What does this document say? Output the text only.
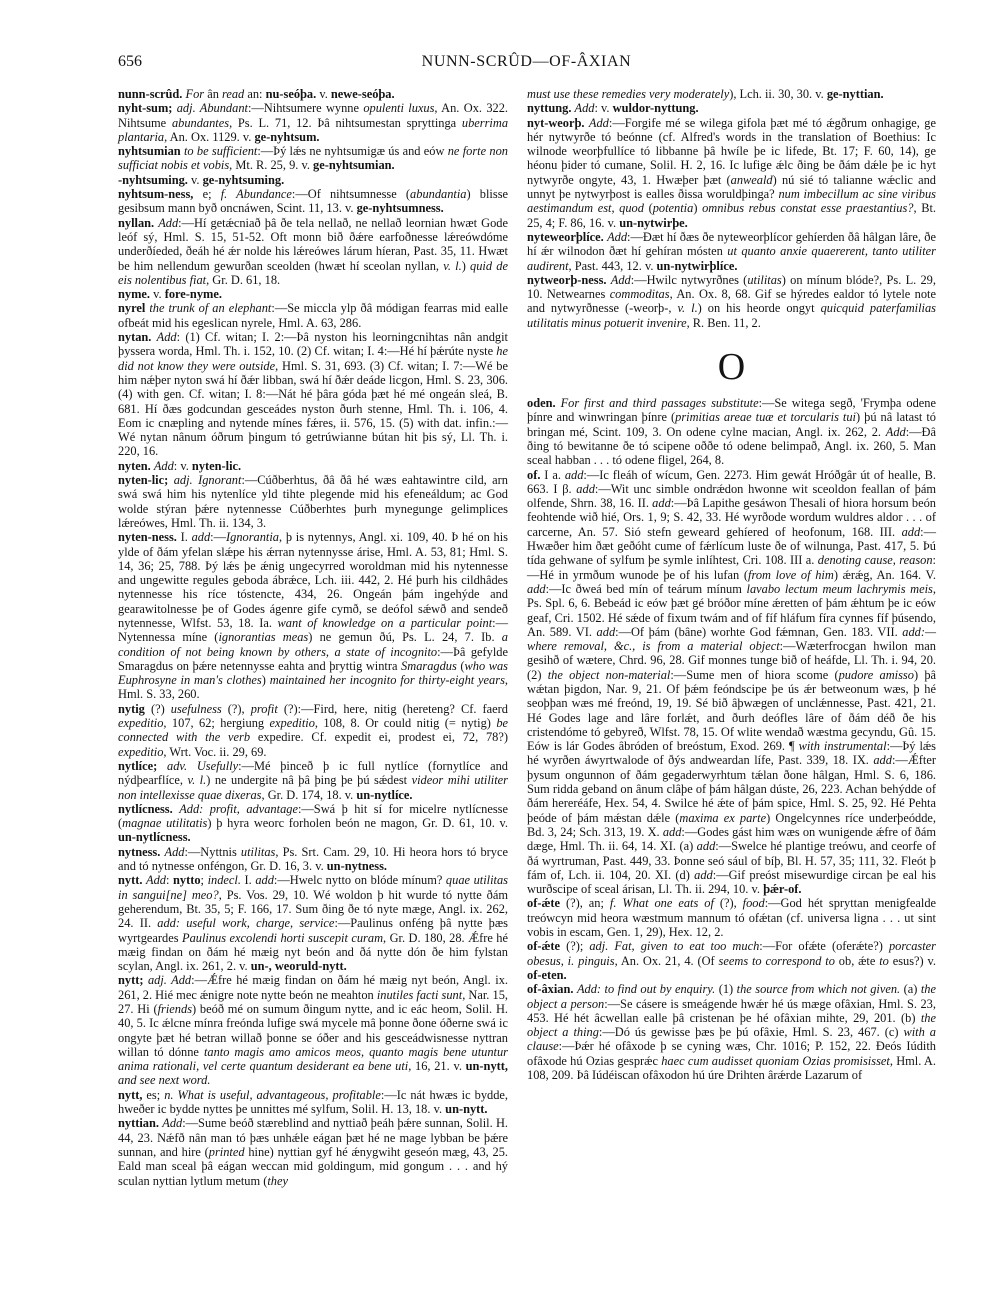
656	NUNN-SCRÛD—OF-ÂXIAN

nunn-scrûd. For ân read an: nu-seóþa. v. newe-seóþa.

nyht-sum; adj. Abundant:—Nihtsumere wynne opulenti luxus, An. Ox. 322. Nihtsume abundantes, Ps. L. 71, 12. Þâ nihtsumestan spryttinga uberrima plantaria, An. Ox. 1129. v. ge-nyhtsum.

nyhtsumian to be sufficient:—Þý lǽs ne nyhtsumigæ ús and eów ne forte non sufficiat nobis et vobis, Mt. R. 25, 9. v. ge-nyhtsumian.

-nyhtsuming. v. ge-nyhtsuming.

nyhtsum-ness, e; f. Abundance:—Of nihtsumnesse (abundantia) blisse gesibsum mann byð oncnáwen, Scint. 11, 13. v. ge-nyhtsumness.

nyllan. Add:—Hí getǽcniað þâ ðe tela nellað, ne nellað leornian hwæt Gode leóf sý, Hml. S. 15, 51-52. Oft monn bið ðǽre earfoðnesse lǽreówdóme underðíeded, ðeáh hé ǽr nolde his lǽreówes lárum híeran, Past. 35, 11. Hwæt be him nellendum gewurðan sceolden (hwæt hí sceolan nyllan, v. l.) quid de eis nolentibus fiat, Gr. D. 61, 18.

nyme. v. fore-nyme.

nyrel the trunk of an elephant:—Se miccla ylp ðâ módigan fearras mid ealle ofbeát mid his egeslican nyrele, Hml. A. 63, 286.

nytan. Add: (1) Cf. witan; I. 2:—Þâ nyston his leorningcnihtas nân andgit þyssera worda, Hml. Th. i. 152, 10. (2) Cf. witan; I. 4:—Hé hí þǽrúte nyste he did not know they were outside, Hml. S. 31, 693. (3) Cf. witan; I. 7:—Wé be him nǽþer nyton swá hí ðǽr libban, swá hí ðǽr deáde licgon, Hml. S. 23, 306. (4) with gen. Cf. witan; I. 8:—Nát hé þâra góda þæt hé mé ongeán sleá, B. 681. Hí ðæs godcundan gesceádes nyston ðurh stenne, Hml. Th. i. 106, 4. Eom ic cnæpling and nytende mínes fǽres, ii. 576, 15. (5) with dat. infin.:—Wé nytan nânum óðrum þingum tó getrúwianne bútan hit þis sý, Ll. Th. i. 220, 16.

nyten. Add: v. nyten-lic.

nyten-lic; adj. Ignorant:—Cúðberhtus, ðâ ðâ hé wæs eahtawintre cild, arn swá swá him his nytenlíce yld tihte plegende mid his efeneáldum; ac God wolde stýran þǽre nytennesse Cúðberhtes þurh mynegunge gelimplices lǽreówes, Hml. Th. ii. 134, 3.

nyten-ness. I. add:—Ignorantia, þ is nytennys, Angl. xi. 109, 40. Þ hé on his ylde of ðám yfelan slǽpe his ǽrran nytennysse árise, Hml. A. 53, 81; Hml. S. 14, 36; 25, 788. Þý lǽs þe ǽnig ungecyrred woroldman mid his nytennesse and ungewitte regules geboda ábrǽce, Lch. iii. 442, 2. Hé þurh his cildhâdes nytennesse his ríce tóstencte, 434, 26. Ongeán þám ingehýde and gearawitolnesse þe of Godes ágenre gife cymð, se deófol sǽwð and sendeð nytennesse, Wlfst. 53, 18. Ia. want of knowledge on a particular point:—Nytennessa míne (ignorantias meas) ne gemun ðú, Ps. L. 24, 7. Ib. a condition of not being known by others, a state of incognito:—Þâ gefylde Smaragdus on þǽre netennysse eahta and þryttig wintra Smaragdus (who was Euphrosyne in man's clothes) maintained her incognito for thirty-eight years, Hml. S. 33, 260.

nytig (?) usefulness (?), profit (?):—Fird, here, nitig (hereteng? Cf. faerd expeditio, 107, 62; hergiung expeditio, 108, 8. Or could nitig (= nytig) be connected with the verb expedire. Cf. expedit ei, prodest ei, 72, 78?) expeditio, Wrt. Voc. ii. 29, 69.

nytlíce; adv. Usefully:—Mé þinceð þ ic full nytlíce (fornytlíce and nýdþearflíce, v. l.) ne undergite nâ þâ þing þe þú sǽdest videor mihi utiliter non intellexisse quae dixeras, Gr. D. 174, 18. v. un-nytlíce.

nytlícness. Add: profit, advantage:—Swá þ hit sí for micelre nytlícnesse (magnae utilitatis) þ hyra weorc forholen beón ne magon, Gr. D. 61, 10. v. un-nytlícness.

nytness. Add:—Nyttnis utilitas, Ps. Srt. Cam. 29, 10. Hi heora hors tó bryce and tó nytnesse onféngon, Gr. D. 16, 3. v. un-nytness.

nytt. Add: nytto; indecl. I. add:—Hwelc nytto on blóde mínum? quae utilitas in sangui[ne] meo?, Ps. Vos. 29, 10. Wé woldon þ hit wurde tó nytte ðám geherendum, Bt. 35, 5; F. 166, 17. Sum ðing ðe tó nyte mæge, Angl. ix. 262, 24. II. add: useful work, charge, service:—Paulinus onféng þâ nytte þæs wyrtgeardes Paulinus excolendi horti suscepit curam, Gr. D. 180, 28. Ǽfre hé mæig findan on ðám hé mæig nyt beón and ðá nytte dón ðe him fylstan scylan, Angl. ix. 261, 2. v. un-, weoruld-nytt.

nytt; adj. Add:—Ǽfre hé mæig findan on ðám hé mæig nyt beón, Angl. ix. 261, 2. Hié mec ǽnigre note nytte beón ne meahton inutiles facti sunt, Nar. 15, 27. Hi (friends) beóð mé on sumum ðingum nytte, and ic eác heom, Solil. H. 40, 5. Ic ǽlcne mínra freónda lufige swá mycele mâ þonne ðone óðerne swá ic ongyte þæt hé betran willað þonne se óðer and his gesceádwisnesse nyttran willan tó dónne tanto magis amo amicos meos, quanto magis bene utuntur anima rationali, vel certe quantum desiderant ea bene uti, 16, 21. v. un-nytt, and see next word.

nytt, es; n. What is useful, advantageous, profitable:—Ic nát hwæs ic bydde, hweðer ic bydde nyttes þe unnittes mé sylfum, Solil. H. 13, 18. v. un-nytt.

nyttian. Add:—Sume beóð stæreblind and nyttiað þeáh þǽre sunnan, Solil. H. 44, 23. Nǽfð nân man tó þæs unhǽle eágan þæt hé ne mage lybban be þǽre sunnan, and hire (printed hine) nyttian gyf hé ǽnygwiht geseón mæg, 43, 25. Eald man sceal þâ eágan weccan mid goldingum, mid gongum . . . and hý sculan nyttian lytlum metum (they

must use these remedies very moderately), Lch. ii. 30, 30. v. ge-nyttian.

nyttung. Add: v. wuldor-nyttung.

nyt-weorþ. Add:—Forgife mé se wilega gifola þæt mé tó ǽgðrum onhagige, ge hér nytwyrðe tó beónne (cf. Alfred's words in the translation of Boethius: Ic wilnode weorþfullíce tó libbanne þâ hwíle þe ic lifede, Bt. 17; F. 60, 14), ge héonu þider tó cumane, Solil. H. 2, 16. Ic lufige ǽlc ðing be ðám dǽle þe ic hyt nytwyrðe ongyte, 43, 1. Hwæþer þæt (anweald) nú sié tó talianne wǽclic and unnyt þe nytwyrþost is ealles ðissa woruldþinga? num imbecillum ac sine viribus aestimandum est, quod (potentia) omnibus rebus constat esse praestantius?, Bt. 25, 4; F. 86, 16. v. un-nytwirþe.

nyteweorþlíce. Add:—Ðæt hí ðæs ðe nyteweorþlícor gehíerden ðâ hâlgan lâre, ðe hí ǽr wilnodon ðæt hí gehíran mósten ut quanto anxie quaererent, tanto utiliter audirent, Past. 443, 12. v. un-nytwirþlíce.

nytweorþ-ness. Add:—Hwilc nytwyrðnes (utilitas) on mínum blóde?, Ps. L. 29, 10. Netwearnes commoditas, An. Ox. 8, 68. Gif se hýredes ealdor tó lytele note and nytwyrðnesse (-weorþ-, v. l.) on his heorde ongyt quicquid paterfamilias utilitatis minus potuerit invenire, R. Ben. 11, 2.

O

oden. For first and third passages substitute:—Se witega segð, 'Frymþa odene þínre and winwringan þínre (primitias areae tuæ et torcularis tui) þú nâ latast tó bringan mé, Scint. 109, 3. On odene cylne macian, Angl. ix. 262, 2. Add:—Ðâ ðing tó bewitanne ðe tó scipene oððe tó odene belimpað, Angl. ix. 260, 5. Man sceal habban . . . tó odene fligel, 264, 8.

of. I a. add:—Ic fleáh of wícum, Gen. 2273. Him gewát Hróðgâr út of healle, B. 663. I β. add:—Wit unc simble ondrǽdon hwonne wit sceoldon feallan of þám olfende, Shrn. 38, 16. II. add:—Þâ Lapithe gesáwon Thesali of hiora horsum beón feohtende wið hié, Ors. 1, 9; S. 42, 33. Hé wyrðode wordum wuldres aldor . . . of carcerne, An. 57. Sió stefn geweard gehíered of heofonum, 168. III. add:—Hwæðer him ðæt geðóht cume of fǽrlícum luste ðe of wilnunga, Past. 417, 5. Þú tída gehwane of sylfum þe symle inlíhtest, Cri. 108. III a. denoting cause, reason:—Hé in yrmðum wunode þe of his lufan (from love of him) ǽrǽg, An. 164. V. add:—Ic ðweá bed mín of teárum mínum lavabo lectum meum lachrymis meis, Ps. Spl. 6, 6. Bebeád ic eów þæt gé bróðor míne ǽretten of þám ǽhtum þe ic eów geaf, Cri. 1502. Hé sǽde of fixum twám and of fíf hláfum fíra cynnes fíf þúsendo, An. 589. VI. add:—Of þám (bâne) worhte God fǽmnan, Gen. 183. VII. add:—where removal, &c., is from a material object:—Wæterfrocgan hwilon man gesihð of wætere, Chrd. 96, 28. Gif monnes tunge bið of heáfde, Ll. Th. i. 94, 20. (2) the object non-material:—Sume men of hiora scome (pudore amisso) þâ wǽtan þigdon, Nar. 9, 21. Of þǽm feóndscipe þe ús ǽr betweonum wæs, þ hé seoþþan wæs mé freónd, 19, 19. Sé bið âþwægen of unclǽnnesse, Past. 421, 21. Hé Godes lage and lâre forlǽt, and ðurh deófles lâre of ðám déð ðe his cristendóme tó gebyreð, Wlfst. 78, 15. Of wlite wendað wæstma gecyndu, Gû. 15. Eów is lár Godes âbróden of breóstum, Exod. 269. ¶ with instrumental:—Þý lǽs hé wyrðen áwyrtwalode of ðýs andweardan lífe, Past. 339, 18. IX. add:—Ǽfter þysum ongunnon of ðám gegaderwyrhtum tǽlan ðone hâlgan, Hml. S. 6, 186. Sum ridda geband on ânum clâþe of þám hâlgan dúste, 26, 223. Achan behýdde of ðám hereréáfe, Hex. 54, 4. Swilce hé ǽte of þám spice, Hml. S. 25, 92. Hé Pehta þeóde of þám mǽstan dǽle (maxima ex parte) Ongelcynnes ríce underþeódde, Bd. 3, 24; Sch. 313, 19. X. add:—Godes gást him wæs on wunigende ǽfre of ðám dæge, Hml. Th. ii. 64, 14. XI. (a) add:—Swelce hé plantige treówu, and ceorfe of ðá wyrtruman, Past. 449, 33. Þonne seó sául of bíþ, Bl. H. 57, 35; 111, 32. Fleót þ fám of, Lch. ii. 104, 20. XI. (d) add:—Gif preóst misewurdige circan þe eal his wurðscipe of sceal árisan, Ll. Th. ii. 294, 10. v. þǽr-of.

of-ǽte (?), an; f. What one eats of (?), food:—God hét spryttan menigfealde treówcyn mid heora wæstmum mannum tó ofǽtan (cf. universa ligna . . . ut sint vobis in escam, Gen. 1, 29), Hex. 12, 2.

of-ǽte (?); adj. Fat, given to eat too much:—For ofǽte (oferǽte?) porcaster obesus, i. pinguis, An. Ox. 21, 4. (Of seems to correspond to ob, ǽte to esus?) v. of-eten.

of-âxian. Add: to find out by enquiry. (1) the source from which not given. (a) the object a person:—Se cásere is smeágende hwǽr hé ús mæge ofâxian, Hml. S. 23, 453. Hé hét âcwellan ealle þâ cristenan þe hé ofâxian mihte, 29, 201. (b) the object a thing:—Dó ús gewisse þæs þe þú ofâxie, Hml. S. 23, 467. (c) with a clause:—Þǽr hé ofâxode þ se cyning wæs, Chr. 1016; P. 152, 22. Ðeós Iúdith ofâxode hú Ozias gesprǽc haec cum audisset quoniam Ozias promisisset, Hml. A. 108, 209. Þâ Iúdéiscan ofâxodon hú úre Drihten ârǽrde Lazarum of
